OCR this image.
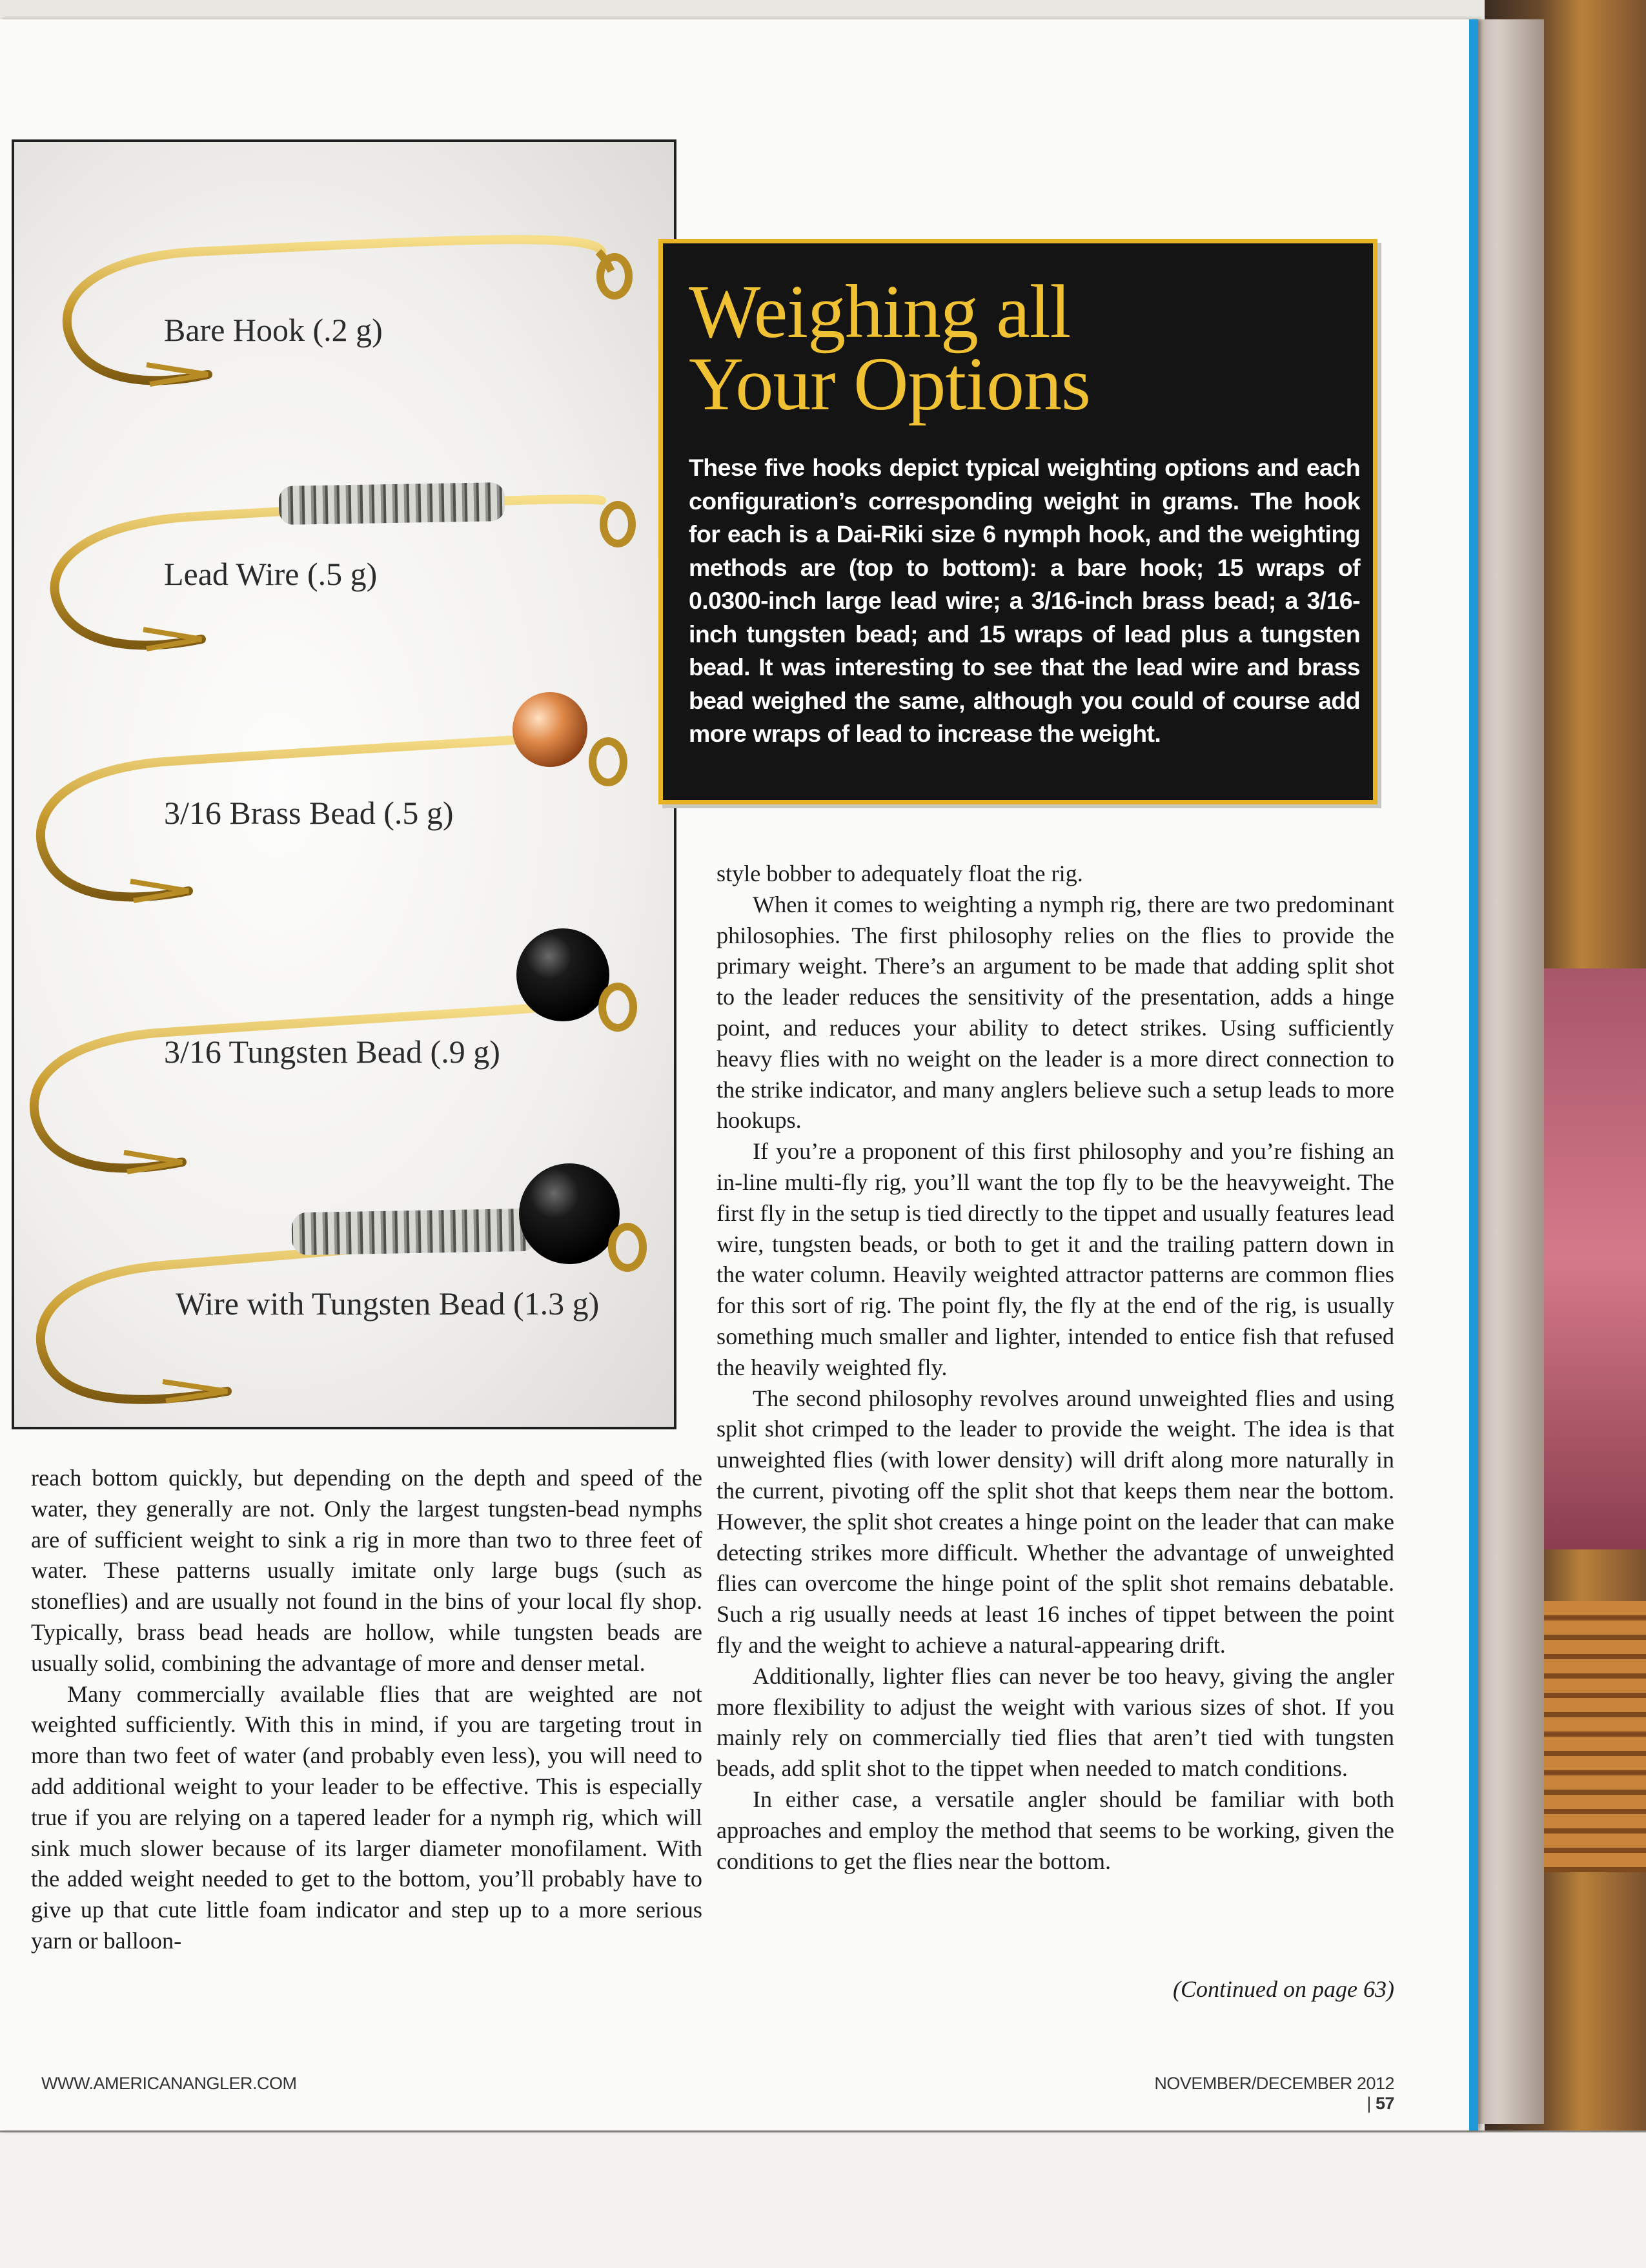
Bare Hook (.2 g)
Lead Wire (.5 g)
3/16 Brass Bead (.5 g)
3/16 Tungsten Bead (.9 g)
Wire with Tungsten Bead (1.3 g)
Weighing all
Your Options

These five hooks depict typical weighting options and each configuration’s corresponding weight in grams. The hook for each is a Dai-Riki size 6 nymph hook, and the weighting methods are (top to bottom): a bare hook; 15 wraps of 0.0300-inch large lead wire; a 3/16-inch brass bead; a 3/16-inch tungsten bead; and 15 wraps of lead plus a tungsten bead. It was interesting to see that the lead wire and brass bead weighed the same, although you could of course add more wraps of lead to increase the weight.

reach bottom quickly, but depending on the depth and speed of the water, they generally are not. Only the largest tungsten-bead nymphs are of sufficient weight to sink a rig in more than two to three feet of water. These patterns usually imitate only large bugs (such as stoneflies) and are usually not found in the bins of your local fly shop. Typically, brass bead heads are hollow, while tungsten beads are usually solid, combining the advantage of more and denser metal.

Many commercially available flies that are weighted are not weighted sufficiently. With this in mind, if you are targeting trout in more than two feet of water (and probably even less), you will need to add additional weight to your leader to be effective. This is especially true if you are relying on a tapered leader for a nymph rig, which will sink much slower because of its larger diameter monofilament. With the added weight needed to get to the bottom, you’ll probably have to give up that cute little foam indicator and step up to a more serious yarn or balloon-

style bobber to adequately float the rig.

When it comes to weighting a nymph rig, there are two predominant philosophies. The first philosophy relies on the flies to provide the primary weight. There’s an argument to be made that adding split shot to the leader reduces the sensitivity of the presentation, adds a hinge point, and reduces your ability to detect strikes. Using sufficiently heavy flies with no weight on the leader is a more direct connection to the strike indicator, and many anglers believe such a setup leads to more hookups.

If you’re a proponent of this first philosophy and you’re fishing an in-line multi-fly rig, you’ll want the top fly to be the heavyweight. The first fly in the setup is tied directly to the tippet and usually features lead wire, tungsten beads, or both to get it and the trailing pattern down in the water column. Heavily weighted attractor patterns are common flies for this sort of rig. The point fly, the fly at the end of the rig, is usually something much smaller and lighter, intended to entice fish that refused the heavily weighted fly.

The second philosophy revolves around unweighted flies and using split shot crimped to the leader to provide the weight. The idea is that unweighted flies (with lower density) will drift along more naturally in the current, pivoting off the split shot that keeps them near the bottom. However, the split shot creates a hinge point on the leader that can make detecting strikes more difficult. Whether the advantage of unweighted flies can overcome the hinge point of the split shot remains debatable. Such a rig usually needs at least 16 inches of tippet between the point fly and the weight to achieve a natural-appearing drift.

Additionally, lighter flies can never be too heavy, giving the angler more flexibility to adjust the weight with various sizes of shot. If you mainly rely on commercially tied flies that aren’t tied with tungsten beads, add split shot to the tippet when needed to match conditions.

In either case, a versatile angler should be familiar with both approaches and employ the method that seems to be working, given the conditions to get the flies near the bottom.

(Continued on page 63)
WWW.AMERICANANGLER.COM	NOVEMBER/DECEMBER 2012 | 57
